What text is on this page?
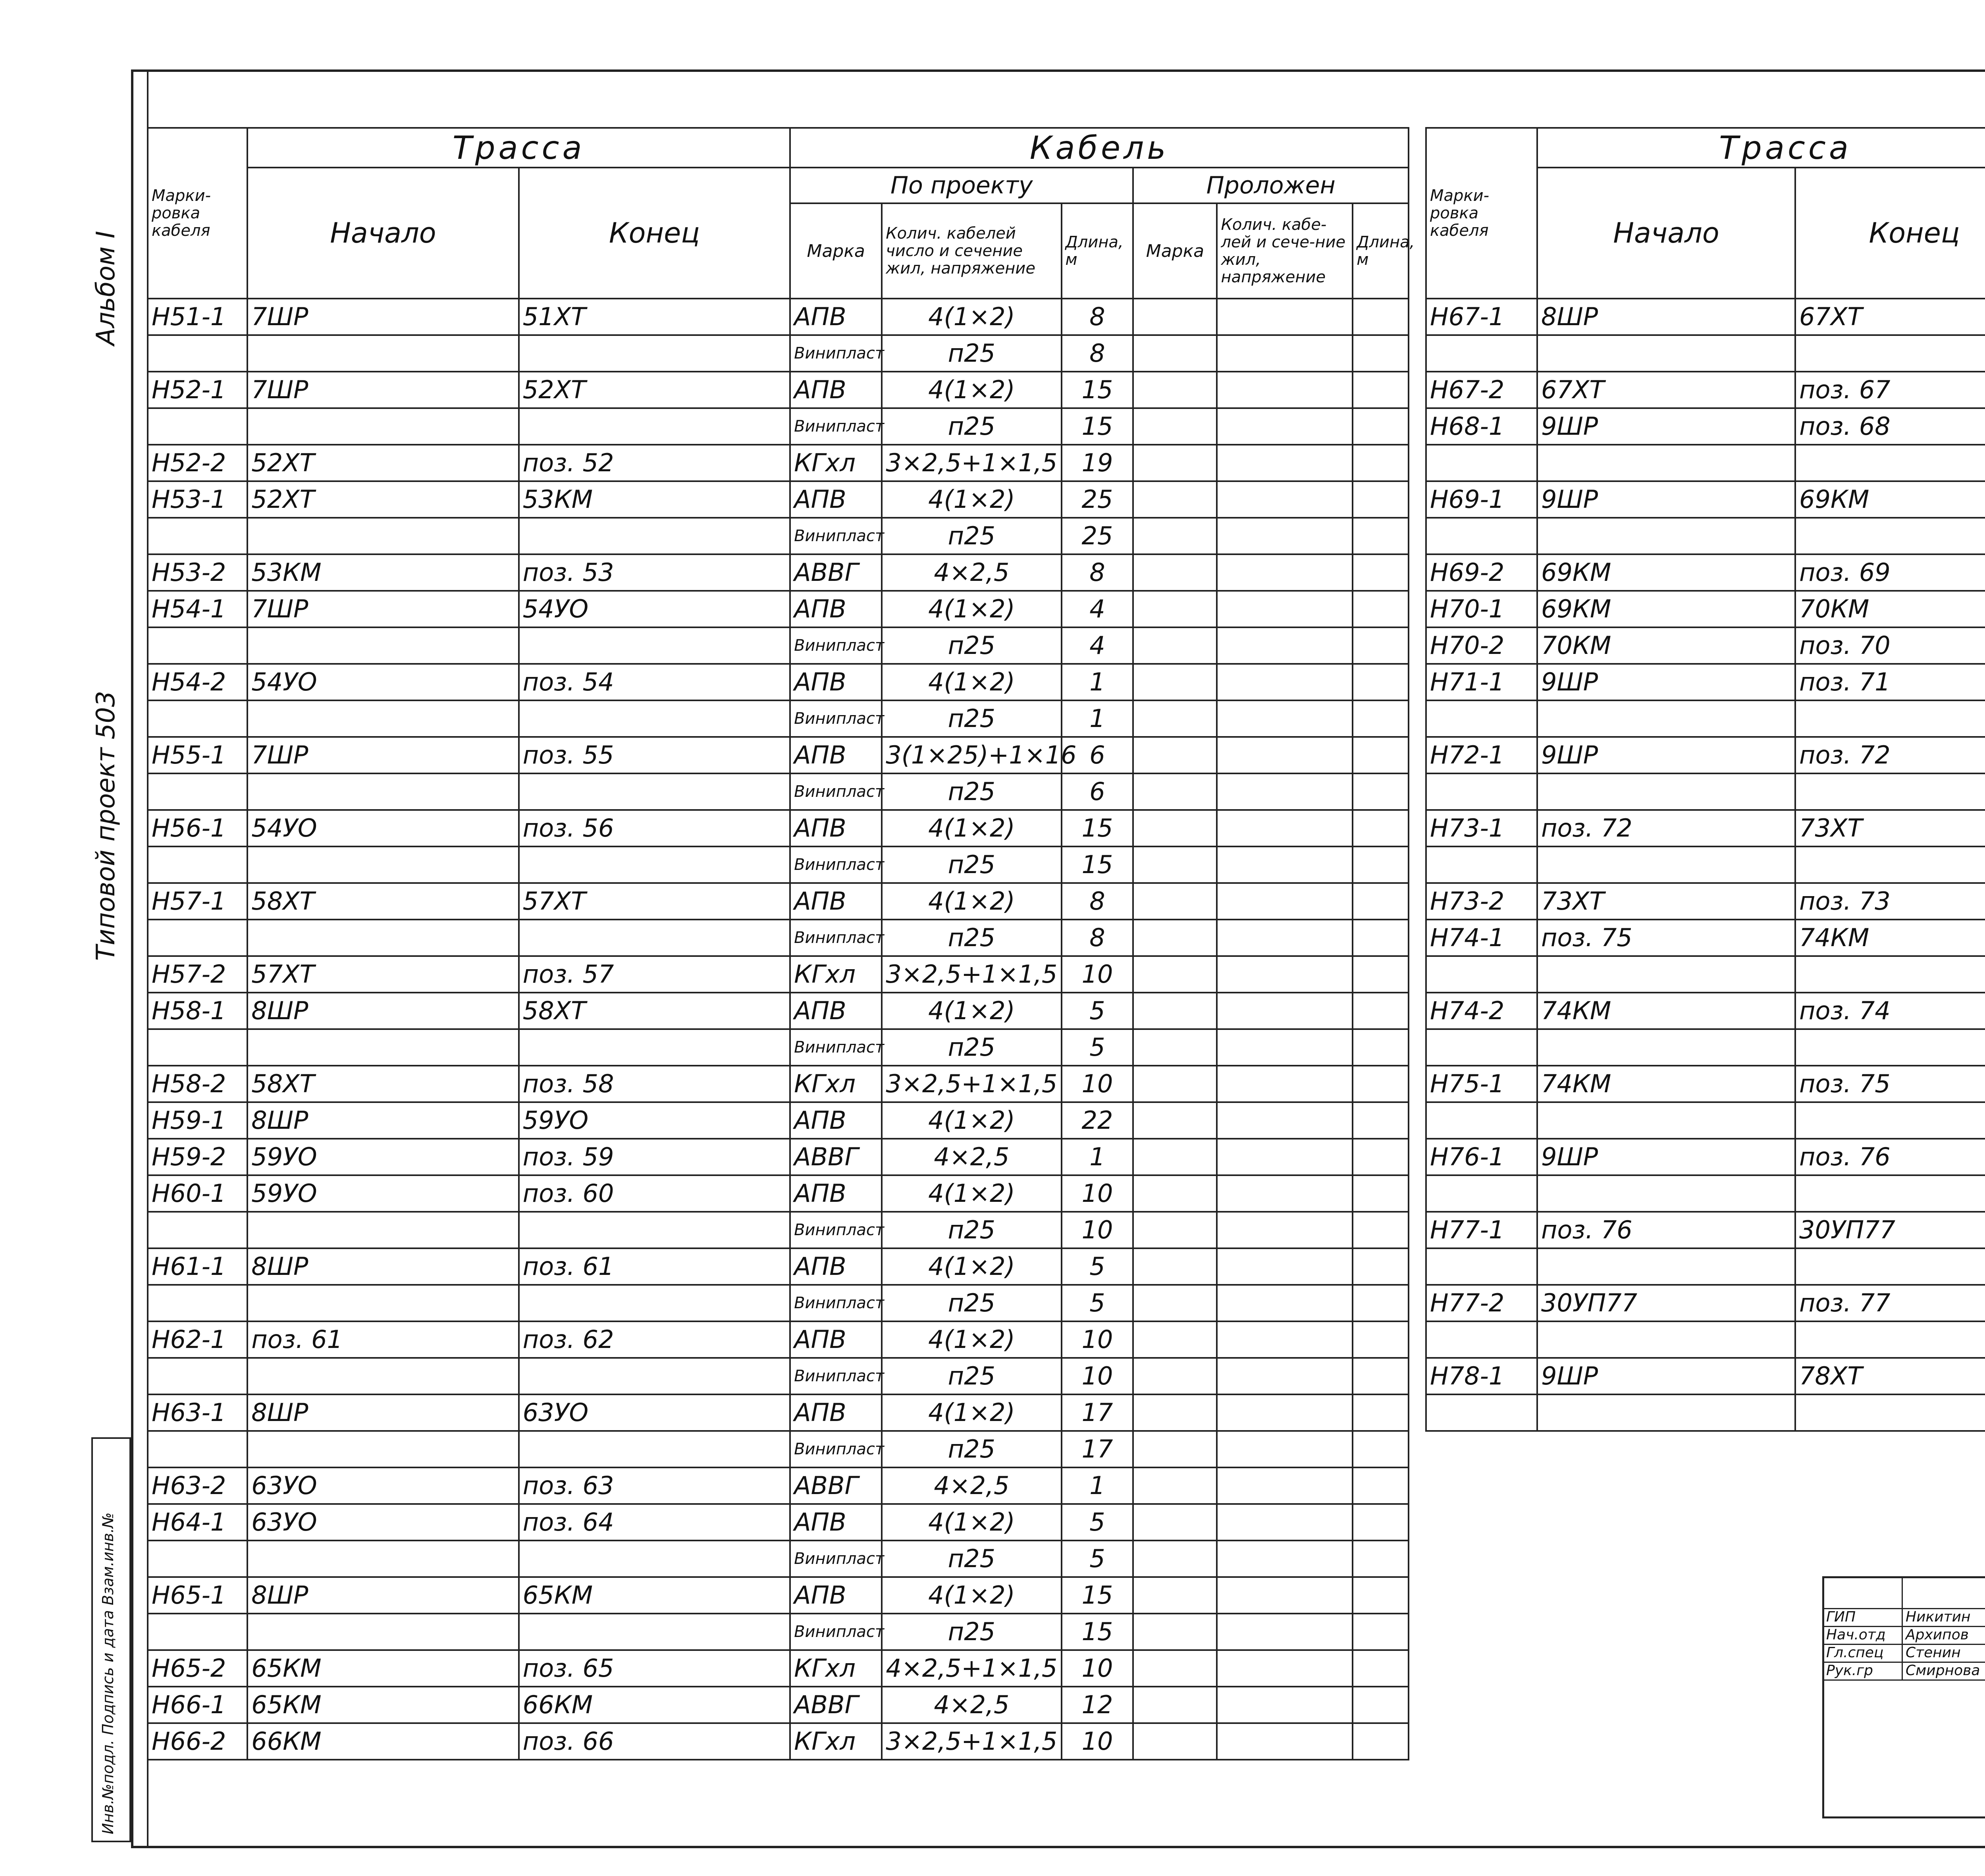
Альбом I
Типовой проект 503
Инв.№подл. Подпись и дата Взам.инв.№
Марки-ровка кабеля	Трасса		Кабель					
	Начало	Конец	По проекту			Проложен		
			Марка	Колич. кабелей число и сечение жил, напряжение	Длина, м	Марка	Колич. кабе-лей и сече-ние жил, напряжение	Длина, м
Н51-1	7ШР	51ХТ	АПВ	4(1×2)	8			
			Винипласт	п25	8			
Н52-1	7ШР	52ХТ	АПВ	4(1×2)	15			
			Винипласт	п25	15			
Н52-2	52ХТ	поз. 52	КГхл	3×2,5+1×1,5	19			
Н53-1	52ХТ	53КМ	АПВ	4(1×2)	25			
			Винипласт	п25	25			
Н53-2	53КМ	поз. 53	АВВГ	4×2,5	8			
Н54-1	7ШР	54УО	АПВ	4(1×2)	4			
			Винипласт	п25	4			
Н54-2	54УО	поз. 54	АПВ	4(1×2)	1			
			Винипласт	п25	1			
Н55-1	7ШР	поз. 55	АПВ	3(1×25)+1×16	6			
			Винипласт	п25	6			
Н56-1	54УО	поз. 56	АПВ	4(1×2)	15			
			Винипласт	п25	15			
Н57-1	58ХТ	57ХТ	АПВ	4(1×2)	8			
			Винипласт	п25	8			
Н57-2	57ХТ	поз. 57	КГхл	3×2,5+1×1,5	10			
Н58-1	8ШР	58ХТ	АПВ	4(1×2)	5			
			Винипласт	п25	5			
Н58-2	58ХТ	поз. 58	КГхл	3×2,5+1×1,5	10			
Н59-1	8ШР	59УО	АПВ	4(1×2)	22			
Н59-2	59УО	поз. 59	АВВГ	4×2,5	1			
Н60-1	59УО	поз. 60	АПВ	4(1×2)	10			
			Винипласт	п25	10			
Н61-1	8ШР	поз. 61	АПВ	4(1×2)	5			
			Винипласт	п25	5			
Н62-1	поз. 61	поз. 62	АПВ	4(1×2)	10			
			Винипласт	п25	10			
Н63-1	8ШР	63УО	АПВ	4(1×2)	17			
			Винипласт	п25	17			
Н63-2	63УО	поз. 63	АВВГ	4×2,5	1			
Н64-1	63УО	поз. 64	АПВ	4(1×2)	5			
			Винипласт	п25	5			
Н65-1	8ШР	65КМ	АПВ	4(1×2)	15			
			Винипласт	п25	15			
Н65-2	65КМ	поз. 65	КГхл	4×2,5+1×1,5	10			
Н66-1	65КМ	66КМ	АВВГ	4×2,5	12			
Н66-2	66КМ	поз. 66	КГхл	3×2,5+1×1,5	10			
Марки-ровка кабеля	Трасса	
	Начало	Конец		

Н67-1	8ШР	67ХТ						

Н67-2	67ХТ	поз. 67						
Н68-1	9ШР	поз. 68						

Н69-1	9ШР	69КМ						

Н69-2	69КМ	поз. 69						
Н70-1	69КМ	70КМ						
Н70-2	70КМ	поз. 70						
Н71-1	9ШР	поз. 71						

Н72-1	9ШР	поз. 72						

Н73-1	поз. 72	73ХТ						

Н73-2	73ХТ	поз. 73						
Н74-1	поз. 75	74КМ						

Н74-2	74КМ	поз. 74						

Н75-1	74КМ	поз. 75						

Н76-1	9ШР	поз. 76						

Н77-1	поз. 76	30УП77						

Н77-2	30УП77	поз. 77						

Н78-1	9ШР	78ХТ						

ГИП	Никитин
Нач.отд Архипов
Гл.спец Стенин
Рук.гр Смирнова
